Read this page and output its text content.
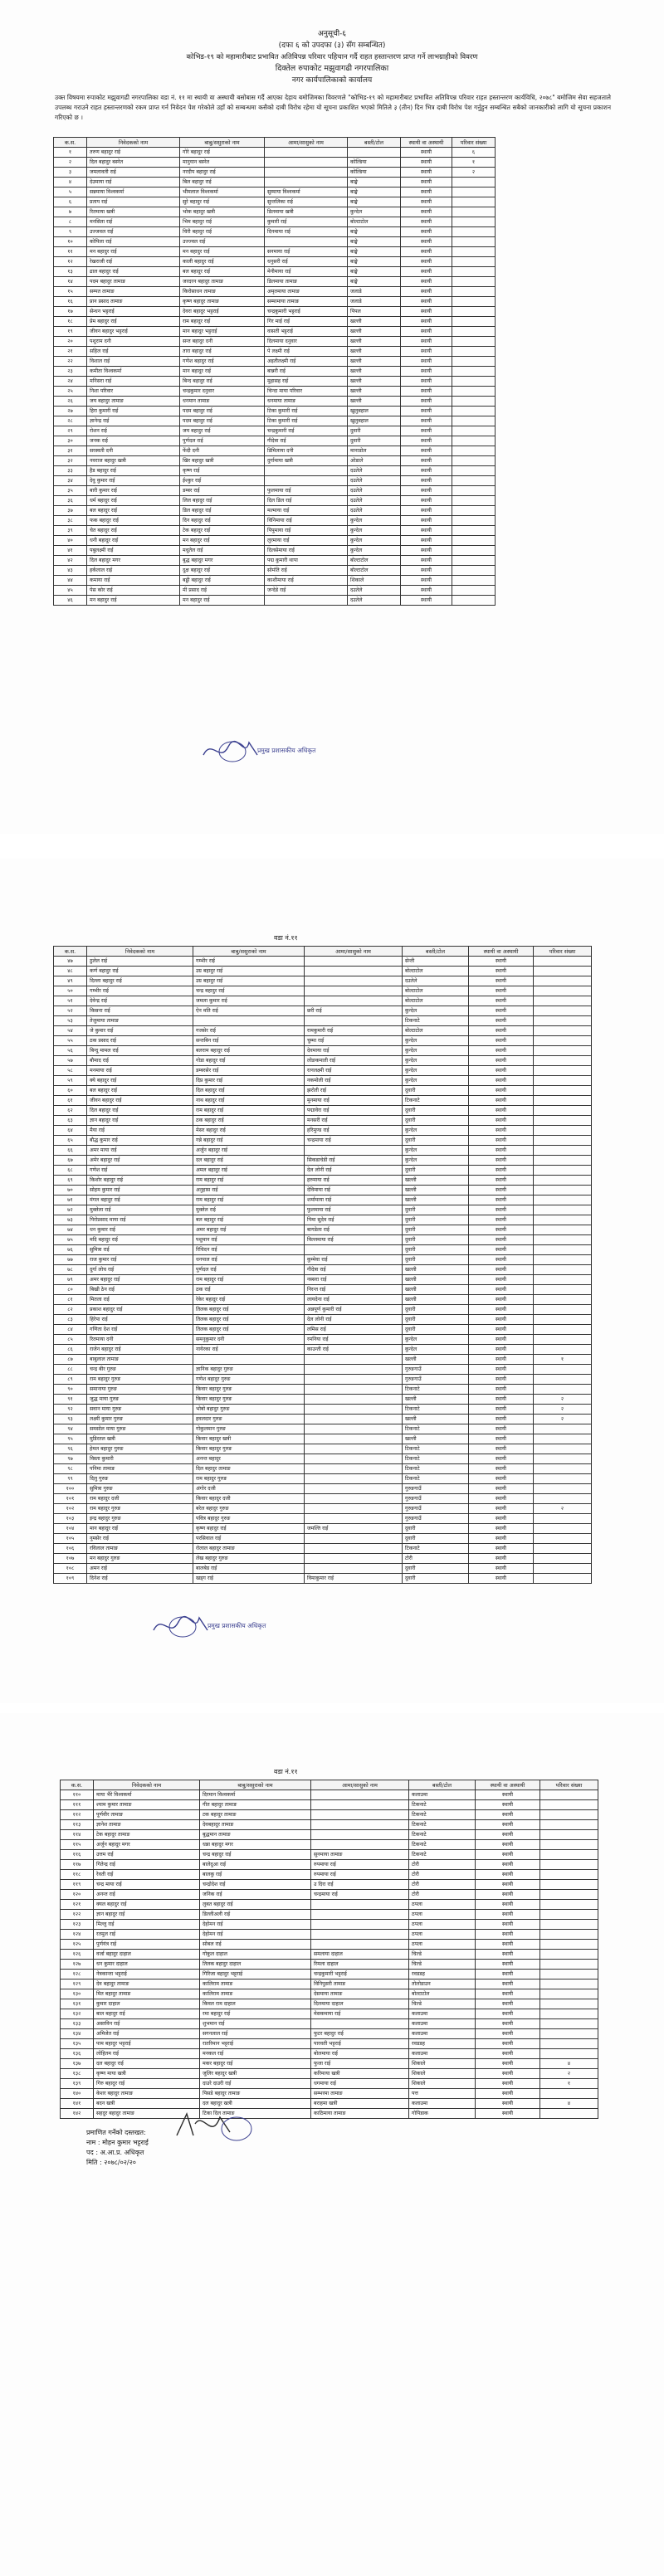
अनुसूची-६
(दफा ६ को उपदफा (३) सँग सम्बन्धित)
कोभिड-१९ को महामारीबाट प्रभावित अतिविपन्न परिवार पहिचान गर्दै राहत हस्तान्तरण प्राप्त गर्ने लाभग्राहीको विवरण
दिक्तेल रुपाकोट मझुवागढी नगरपालिका
नगर कार्यपालिकाको कार्यालय
उक्त विषयमा रुपाकोट मझुवागढी नगरपालिका वडा नं. ११ मा स्थायी वा अस्थायी बसोबास गर्दै आएका देहाय बमोजिमका विवरणले "कोभिड-१९ को महामारीबाट प्रभावित अतिविपन्न परिवार राहत हस्तान्तरण कार्यविधि, २०७८" बमोजिम सेवा सहजताले उपलब्ध गराउने राहत हस्तान्तरणको रकम प्राप्त गर्न निवेदन पेश गरेकोले उहाँ को सम्बन्धमा कसैको दाबी विरोध रहेमा यो सूचना प्रकाशित भएको मितिले ३ (तीन) दिन भित्र दाबी विरोध पेश गर्नुहुन सम्बन्धित सबैको जानकारीको लागि यो सूचना प्रकाशन गरिएको छ ।
क.स.	निवेदकको नाम	बाबु/ससुराको नाम	आमा/सासुको नाम	बस्ती/टोल	स्थायी वा अस्थायी	परिवार संख्या
१	तरुण बहादुर राई	गोरे बहादुर राई			स्थायी	६
२	दिल बहादुर बस्नेत	मानुयान बस्नेत		कोल्डिया	स्थायी	१
३	जमलावती राई	नरदीप बहादुर राई		कोल्डिया	स्थायी	२
४	देउमाया राई	बिल बहादुर राई		बाङ्घे	स्थायी	
५	सन्नमाया विश्वकर्मा	भीमलाल विश्वकर्मा	सुम्माया विश्वकर्मा	बाङ्घे	स्थायी	
६	प्रताप राई	सुरे बहादुर राई	सुन्तलिका राई	बाङ्घे	स्थायी	
७	रितमाया खत्री	भोक बहादुर खत्री	डिलमाया खत्री	कुन्देल	स्थायी	
८	मनसिता राई	भिम बहादुर राई	कुमारी राई	बोल्टाटोल	स्थायी	
९	उज्जवल राई	चिरी बहादुर राई	दिनमाया राई	बाङ्घे	स्थायी	
१०	कोपिला राई	उज्ज्वल राई		बाङ्घे	स्थायी	
११	मन बहादुर राई	मन बहादुर राई	सनमाया राई	बाङ्घे	स्थायी	
१२	रेखराजी राई	काली बहादुर राई	धनुसरी राई	बाङ्घे	स्थायी	
१३	ढाल बहादुर राई	बल बहादुर राई	मेनीमाया राई	बाङ्घे	स्थायी	
१४	पदम बहादुर तामाङ	जरदरन बहादुर तामाङ	डिलमाया तामाङ	बाङ्घे	स्थायी	
१५	सम्पत तामाङ	किरोसाधन तामाङ	अमृतमाया तामाङ	जलाडे	स्थायी	
१६	प्रान प्रसाद तामाङ	कृष्ण बहादुर तामाङ	सम्मामाया तामाङ	जलाडे	स्थायी	
१७	सेन्धन भट्टराई	देवरा बहादुर भट्टराई	चन्द्रकुमारी भट्टराई	पिपल	स्थायी	
१८	प्रेम बहादुर राई	राम बहादुर राई	गिर माई राई	खल्ली	स्थायी	
१९	जीवन बहादुर भट्टराई	मान बहादुर भट्टराई	वासती भट्टराई	खल्ली	स्थायी	
२०	पशुराम दनी	सन्त बहादुर दनी	दिलमाया दनुवार	खल्ली	स्थायी	
२१	सहिल राई	तारा बहादुर राई	पे लक्ष्मी राई	खल्ली	स्थायी	
२२	विशाल राई	गणेश बहादुर राई	अइतीलक्ष्मी राई	खल्ली	स्थायी	
२३	कमीता विश्वकर्मा	मान बहादुर राई	बान्नरी राई	खल्ली	स्थायी	
२४	मनिसरा राई	बिन्द बहादुर राई	मुहासह राई	खल्ली	स्थायी	
२५	निशा परिवार	चन्द्रकुमार दनुवार	चिन्दा माया परिवार	खल्ली	स्थायी	
२६	जय बहादुर तामाङ	धनमान तामाङ	धनमाया तामाङ	खल्ली	स्थायी	
२७	हिरा कुमारी राई	पदम बहादुर राई	टिका कुमारी राई	खुलुबहाल	स्थायी	
२८	ज्ञानेन्द्र राई	पदम बहादुर राई	टिका कुमारी राई	खुलुबहाल	स्थायी	
२९	रोशन राई	जय बहादुर राई	चन्द्रकुमारी राई	दुवारी	स्थायी	
३०	जनक राई	पुर्णदल राई	गीदेत्रा राई	दुवारी	स्थायी	
३१	सरस्वती दनी	फेंदी दनी	डिमिलाया दनी	मानाडोल	स्थायी	
३२	नवराज बहादुर खत्री	खिर बहादुर खत्री	दुर्गामाया खत्री	ओडाले	स्थायी	
३३	हैड बहादुर राई	कृष्ण राई		दउतेले	स्थायी	
३४	देवु कुमार राई	ईश्कुर राई		दउतेले	स्थायी	
३५	बारी कुमार राई	डम्बर राई	फुलमाया राई	दउतेले	स्थायी	
३६	धर्म बहादुर राई	लिल बहादुर राई	दिल डिल राई	दउतेले	स्थायी	
३७	बल बहादुर राई	डिल बहादुर राई	मल्माया राई	दउतेले	स्थायी	
३८	फक बहादुर राई	दिन बहादुर राई	विनिमाया राई	कुन्देल	स्थायी	
३९	चेत बहादुर राई	टेक बहादुर राई	पिपुमाया राई	कुन्देल	स्थायी	
४०	धनी बहादुर राई	मन बहादुर राई	लुरमाया राई	कुन्देल	स्थायी	
४१	पबुलक्ष्मी राई	मधुतेल राई	दिलसेमाया राई	कुन्देल	स्थायी	
४२	दिल बहादुर मगर	बुद्ध बहादुर मगर	पद्म कुमारी थापा	बोल्टाटोल	स्थायी	
४३	हर्कलाल राई	दुक्ष बहादुर राई	सोमंति राई	बोल्टाटोल	स्थायी	
४४	कमाया राई	बड्डी बहादुर राई	काशीमाया राई	शिकाले	स्थायी	
४५	पेस कोर राई	मी प्रसाद राई	जन्देडे राई	दउतेले	स्थायी	
४६	मन बहादुर राई	मन बहादुर राई		दउतेले	स्थायी	
प्रमुख प्रशासकीय अधिकृत
वडा नं.११
क.स.	निवेदकको नाम	बाबु/ससुराको नाम	आमा/सासुको नाम	बस्ती/टोल	स्थायी वा अस्थायी	परिवार संख्या
४७	ठुलेल राई	गम्भीर राई		सेन्ती	स्थायी	
४८	कर्ण बहादुर राई	उग्र बहादुर राई		बोल्टाटोल	स्थायी	
४९	दिल्ला बहादुर राई	उग्र बहादुर राई		दउतेले	स्थायी	
५०	गम्भीर राई	चन्द्र बहादुर राई		बोल्टाटोल	स्थायी	
५१	देवेन्द्र राई	जमला कुमार राई		बोल्टाटोल	स्थायी	
५२	किसना राई	ऐन मति राई	छरी राई	कुन्देल	स्थायी	
५३	तेजुमाया तामाङ			टिकनाटे	स्थायी	
५४	जे कुमार राई	गजसेर राई	रामकुमारी राई	बोल्टाटोल	स्थायी	
५५	ठक प्रसाद राई	सन्तबिन राई	चुम्मा राई	कुन्देल	स्थायी	
५६	बिन्दु मामल राई	बलराम बहादुर राई	देवमाया राई	कुन्देल	स्थायी	
५७	बौमाद राई	गोडा बहादुर राई	लोङकमाती राई	कुन्देल	स्थायी	
५८	मनमाया राई	डम्बरसेर राई	रत्नलक्ष्मी राई	कुन्देल	स्थायी	
५९	क्ये बहादुर राई	दिप्र कुमार राई	नकमोली राई	कुन्देल	स्थायी	
६०	बल बहादुर राई	दिल बहादुर राई	झरोती राई	दुवारी	स्थायी	
६१	जीवन बहादुर राई	नाथ बहादुर राई	मुनमाया राई	टिकनाटे	स्थायी	
६२	दिल बहादुर राई	राम बहादुर राई	पद्मावेरा राई	दुवारी	स्थायी	
६३	ज्ञान बहादुर राई	ठक बहादुर राई	मनसरी राई	दुवारी	स्थायी	
६४	मैया राई	मेसर बहादुर राई	हरिमुण्ड राई	कुन्देल	स्थायी	
६५	बौद्ध कुमार राई	गन्ने बहादुर राई	चन्द्रमाया राई	दुवारी	स्थायी	
६६	अमर माया राई	अर्जुन बहादुर राई		कुन्देल	स्थायी	
६७	अमेर बहादुर राई	दल बहादुर राई	सिकडाचेडी राई	कुन्देल	स्थायी	
६८	गणेश राई	अमल बहादुर राई	देल लोनी राई	दुवारी	स्थायी	
६९	किशोर बहादुर राई	राम बहादुर राई	हरुमाया राई	खल्ली	स्थायी	
७०	सोहम कुमार राई	अनुहास राई	देविमाया राई	खल्ली	स्थायी	
७१	मंगल बहादुर राई	राम बहादुर राई	शर्मामाया राई	खल्ली	स्थायी	
७२	मुक्तेला राई	मुक्तेल राई	फुलमाया राई	दुवारी	स्थायी	
७३	पिरोप्रसाद माया राई	बल बहादुर राई	पिमा सुदेव राई	दुवारी	स्थायी	
७४	धन कुमार राई	अमर बहादुर राई	बागडेला राई	दुवारी	स्थायी	
७५	मदि बहादुर राई	पशुमान राई	विल्लमाया राई	दुवारी	स्थायी	
७६	सुमित्रा राई	रिचिदन राई		दुवारी	स्थायी	
७७	राज कुमार राई	धनपाल राई	कुम्मेवा राई	दुवारी	स्थायी	
७८	दुर्गा लोच राई	पुर्णदल राई	गीदेत्रा राई	खल्ली	स्थायी	
७९	अमर बहादुर राई	राम बहादुर राई	नस्सरा राई	खल्ली	स्थायी	
८०	बिखी ठेन राई	ठक राई	निरन्त राई	खल्ली	स्थायी	
८१	मितला राई	रेकेर बहादुर राई	लायदेना राई	खल्ली	स्थायी	
८२	प्रकाश बहादुर राई	तिलक बहादुर राई	अन्नपूर्ण कुमारी राई	दुवारी	स्थायी	
८३	हिरेपा राई	तिलक बहादुर राई	देल लोनी राई	दुवारी	स्थायी	
८४	गणिता देश राई	तिलक बहादुर राई	लमिस राई	दुवारी	स्थायी	
८५	रितमाया दनी	समनुकुमार दनी	रमनिया राई	कुन्देल	स्थायी	
८६	राजेन बहादुर राई	नायेरका राई	काउन्ती राई	कुन्देल	स्थायी	
८७	बाबुलाल तामाङ			खल्ली	स्थायी	१
८८	चन्द्र बीर गुरुङ	ज्ञानिक बहादुर गुरुङ		गुरुङगाउँ	स्थायी	
८९	राम बहादुर गुरुङ	गणेश बहादुर गुरुङ		गुरुङगाउँ	स्थायी	
९०	समानाया गुरुङ	किवार बहादुर गुरुङ		टिकनाटे	स्थायी	
९१	जुद्ध माया गुरुङ	किवार बहादुर गुरुङ		खल्ली	स्थायी	२
९२	सवान माया गुरुङ	भोबो बहादुर गुरुङ		टिकनाटे	स्थायी	२
९३	लक्ष्मी कुमार गुरुङ	हवलदार गुरुङ		खल्ली	स्थायी	२
९४	समसोल माया गुरुङ	गोकुलमान गुरुङ		टिकनाटे	स्थायी	
९५	मुडिरतल खत्री	किवार बहादुर खत्री		खल्ली	स्थायी	
९६	हेमल बहादुर गुरुङ	किवार बहादुर गुरुङ		टिकनाटे	स्थायी	
९७	विस्ता कुमारी	अनन्त बहादुर		टिकनाटे	स्थायी	
९८	पनिमा तामाङ	दिल बहादुर तामाङ		टिकनाटे	स्थायी	
९९	दिलु गुरुङ	राम बहादुर गुरुङ		टिकनाटे	स्थायी	
१००	सुमित्रा गुरुङ	अंगोर दजी		गुरुङगाउँ	स्थायी	
१०१	राम बहादुर दजी	किवार बहादुर दजी		गुरुङगाउँ	स्थायी	
१०२	राम बहादुर गुरुङ	बरेल बहादुर गुरुङ		गुरुङगाउँ	स्थायी	२
१०३	इन्द्र बहादुर गुरुङ	पवित्र बहादुर गुरुङ		गुरुङगाउँ	स्थायी	
१०४	मान बहादुर राई	कृष्ण बहादुर राई	जमल्ति राई	दुवारी	स्थायी	
१०५	नुमसेर राई	परसिवाल राई		दुवारी	स्थायी	
१०६	रविलाल तामाङ	रोलाल बहादुर तामाङ		टिकनाटे	स्थायी	
१०७	मन बहादुर गुरुङ	लेख बहादुर गुरुङ		टोरी	स्थायी	
१०८	अमन राई	बालबेड राई		दुवारी	स्थायी	
१०९	दिनेश राई	खड्ग राई	विमाकुमार राई	दुवारी	स्थायी	
प्रमुख प्रशासकीय अधिकृत
वडा नं.११
क.स.	निवेदकको नाम	बाबु/ससुराको नाम	आमा/सासुको नाम	बस्ती/टोल	स्थायी वा अस्थायी	परिवार संख्या
११०	माया भैरे विश्वकर्मा	दिरमान विश्वकर्मा		कलाउमा	स्थायी	
१११	श्याम कुमार तामाङ	गीत बहादुर तामाङ		टिकनाटे	स्थायी	
११२	पूर्णवीर तामाङ	टक बहादुर तामाङ		टिकनाटे	स्थायी	
११३	ज्ञानेश तामाङ	देवबहादुर तामाङ		टिकनाटे	स्थायी	
११४	टेक बहादुर तामाङ	बुद्धमान तामाङ		टिकनाटे	स्थायी	
११५	अर्जुन बहादुर मगर	धन्ना बहादुर मगर		टिकनाटे	स्थायी	
११६	उत्तम राई	चन्द्र बहादुर राई	सुनमाया तामाङ	टिकनाटे	स्थायी	
११७	गितेन्द्र राई	बालेदुआ राई	रुपमाया राई	टोरी	स्थायी	
११८	रेवती राई	बालकु राई	रुपमाया राई	टोरी	स्थायी	
११९	चन्द्र माया राई	चन्द्रोदेश राई	उ दिरा राई	टोरी	स्थायी	
१२०	अनन्त राई	जनिक राई	चन्द्रमाया राई	टोरी	स्थायी	
१२१	क्यल बहादुर राई	लुबत बहादुर राई		ठपला	स्थायी	
१२२	ज्ञान बहादुर राई	डिल्लीअली राई		ठपला	स्थायी	
१२३	मिल्लु राई	देहोमन राई		ठपला	स्थायी	
१२४	रतमुल राई	देहोमन राई		ठपला	स्थायी	
१२५	पुर्णयंत्र राई	सोबल राई		ठपला	स्थायी	
१२६	वर्जा बहादुर दाहाल	गोकुल दाहाल	समलाया दाहाल	चिल्डे	स्थायी	
१२७	धन कुमार दाहाल	तिलक बहादुर दाहाल	रिमला दाहाल	चिल्डे	स्थायी	
१२८	नेत्रकान्ता भट्टराई	गिरिजा बहादुर भट्टराई	चन्द्रकुमारी भट्टराई	रवडडह	स्थायी	
१२९	देव बहादुर तामाङ	कालिराम तामाङ	विनिपुसरी तामाङ	तोलोडाउन	स्थायी	
१३०	मित बहादुर तामाङ	कालिराम तामाङ	देसमाया तामाङ	बोल्टाटोल	स्थायी	
१३१	कुमार दाहाल	किवल राम दाहाल	दिलमाया दाहाल	चिल्डे	स्थायी	
१३२	बाल बहादुर राई	रमा बहादुर राई	मेसकमाया राई	कलाउमा	स्थायी	
१३३	अस्तविन राई	शुभमान राई		कलाउमा	स्थायी	
१३४	अमिजेत राई	सगनलाल राई	फुटर बहादुर राई	कलाउमा	स्थायी	
१३५	पाम बहादुर भट्टराई	रातरिमान भट्टराई	पारवती भट्टराई	रवडडह	स्थायी	
१३६	लोहितम राई	मनकल राई	बोलमाया राई	कलाउमा	स्थायी	
१३७	दल बहादुर राई	मकर बहादुर राई	फुजा राई	शिकाले	स्थायी	४
१३८	कृष्ण माया खत्री	जुलिर बहादुर खत्री	करिमाया खत्री	शिकाले	स्थायी	२
१३९	गिरु बहादुर राई	दाउरे दाउरी राई	धगमाया राई	शिकाले	स्थायी	१
१४०	केशर बहादुर तामाङ	पिसडे बहादुर तामाङ	सम्भरमा तामाङ	पत्त	स्थायी	
१४१	बदन खत्री	दल बहादुर खत्री	बराहमा खत्री	कलाउमा	स्थायी	४
१४२	सहदुर बहादुर तामाङ	टिका दिल तामाङ	काठिमाया तामाङ	गोपिडाक	स्थायी	
प्रमाणित गर्नेको दस्तखत:
नाम : मोहन कुमार भट्टराई
पद : अ.आ.प्र. अधिकृत
मिति : २०७८/०२/२०
